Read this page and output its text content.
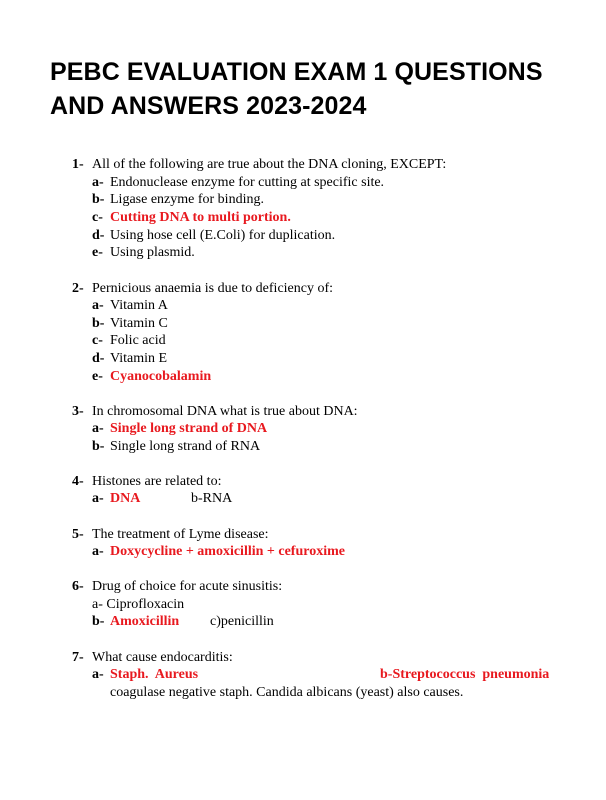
PEBC EVALUATION EXAM 1 QUESTIONS
AND ANSWERS 2023-2024
1- All of the following are true about the DNA cloning, EXCEPT:
a- Endonuclease enzyme for cutting at specific site.
b- Ligase enzyme for binding.
c- Cutting DNA to multi portion.
d- Using hose cell (E.Coli) for duplication.
e- Using plasmid.
2- Pernicious anaemia is due to deficiency of:
a- Vitamin A
b- Vitamin C
c- Folic acid
d- Vitamin E
e- Cyanocobalamin
3- In chromosomal DNA what is true about DNA:
a- Single long strand of DNA
b- Single long strand of RNA
4- Histones are related to:
a- DNA	b-RNA
5- The treatment of Lyme disease:
a- Doxycycline + amoxicillin + cefuroxime
6- Drug of choice for acute sinusitis:
a- Ciprofloxacin
b- Amoxicillin c)penicillin
7- What cause endocarditis:
a- Staph.  Aureus	b-Streptococcus  pneumonia
coagulase negative staph. Candida albicans (yeast) also causes.
